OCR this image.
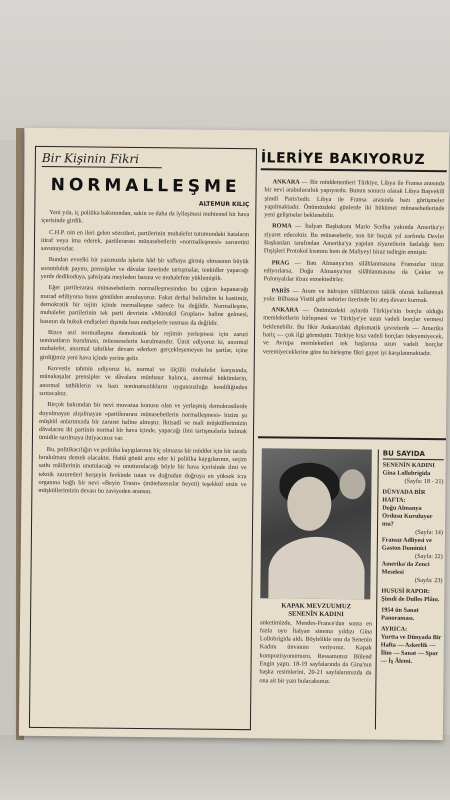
Bir Kişinin Fikri
NORMALLEŞME
ALTEMUR KILIÇ

Yeni yıla, iç politika bakımından, sakin ve daha da iyileşmesi muhtemel bir hava içerisinde girdik.

C.H.P. nin en ileri gelen sözcüleri, partilerinin muhalefet tutumundaki hataların itiraf veya ima ederek, partilerarası münasebetlerin «normalleşmesi» zaruretini savunuyorlar.

Bundan evvelki bir yazımızda işlerin hâd bir safhaya girmiş olmasının büyük sorumluluk payını, prensipler ve dâvalar üzerinde tartışmalar, tenkidler yapacağı yerde dedikoduya, şahsiyata meyleden basına ve muhalefete yüklemiştik.

Eğer partilerarası münasebetlerin normalleşmesinden bu çığırın kapanacağı murad ediliyorsa bunu gönülden arzuluyoruz. Fakat derhal belirtelim ki kastimiz, demokratik bir rejim içinde normalleşme sadece bu değildir. Normalleşme, muhalefet partilerinin tek parti devrinin «Müstakil Grupları» haline gelmesi, basının da hukuk endişeleri dışında bazı endişelerle susması da değildir.

Bizce asıl normalleşme demokratik bir rejimin yerleşmesi için zaruri teminatların kurulması, müesseselerin kurulmasıdır. Ümit ediyoruz ki, anormal muhalefet, anormal tahrikler devam ederken gerçekleşemeyen bu şartlar, içine girdiğimiz yeni hava içinde yerine gelir.

Kuvvetle tahmin ediyoruz ki, normal ve ölçülü muhalefet karşısında, münakaşalar prensipler ve dâvalara münhasır kalınca, anormal hükümlerin, anormal tathiklerin ve bazı teminatsızlıkların uygunsuzluğu kendiliğinden sırıtacaktır.

Birçok bakımdan bir nevi muvazaa konusu olan ve yerleşmiş demokrasilerde duyulmayan alışılmayan «partilerarası münasebetlerin normalleşmesi» bizim şu müşkül anlarımızda bir zaruret haline almıştır. İktisadi ve mali müşküllerimizin dâvalarını iki partinin normal bir hava içinde, yapacağı ilmi tartışmalarla bulmak ümidile sarılmaya ihtiyacımız var.

Bu, politikacılığın ve politika kaygılarının hiç olmazsa bir müddet için bir tarafa bırakılması demek olacaktır. Hattâ gönül arzu eder ki politika kaygılarının, seçim sathı mâillerinin unutulacağı ve unutturulacağı böyle bir hava içerisinde ilmi ve teknik zaruretleri herşeyin fevkinde tutan ve doğrudan doğruya en yüksek icra organına bağlı bir nevi «Beyin Trustı» (mütehassıslar heyeti) teşekkül etsin ve müşküllerimizin devası bu zaviyeden aransın.

İLERİYE BAKIYORUZ

ANKARA — Bir müddettenberi Türkiye, Libya ile Fransa arasında bir nevi arabuluculuk yapıyordu. Bunun sonucu olarak Libya Başvekili şimdi Paris'tedir. Libya ile Fransa arasında bazı görüşmeler yapılmaktadır. Önümüzdeki günlerde iki hükümet münasebetlerinde yeni gelişmeler beklenebilir.

ROMA — İtalyan Başbakanı Mario Scelba yakında Amerika'yı ziyaret edecektir. Bu münasebetle, son bir buçuk yıl zarfında Devlet Başkanları tarafından Amerika'ya yapılan ziyaretlerin fazlalığı hem Dışişleri Protokol kısmını hem de Maliyeyi biraz tedirgin etmiştir.

PRAG — Batı Almanya'nın silâhlanmasına Fransızlar itiraz ediyorlarsa, Doğu Almanya'nın silâhlanmasına da Çekler ve Polonyalılar itiraz etmektedirler.

PARİS — Atom ve hidrojen silâhlarının taktik olarak kullanmak yola: Bilhassa Vistül gibi nehirler üzerinde bir ateş duvarı kurmak.

ANKARA — Önümüzdeki aylarda Türkiye'nin borçlu olduğu memleketlerin birleşmesi ve Türkiye'ye uzun vadeli borçlar vermesi beklenebilir. Bu fikir Ankara'daki diplomatik çevrelerde — Amerika hariç — çok ilgi görmüştür. Türkiye kısa vadeli borçları ödeyemiyecek, ve Avrupa memleketleri tek başlarına uzun vadeli borçlar veremiyeceklerine göre bu birleşme fikri gayet iyi karşılanmaktadır.

KAPAK MEVZUUMUZ
SENENİN KADINI
anketimizde, Mendes-France'dan sonra en fazla oyu İtalyan sinema yıldızı Gina Lollobrigida aldı. Böylelikle onu da Senenin Kadını ünvanını veriyoruz. Kapak kompozisyonumuzu, Ressamımız Bülend Engin yaptı. 18-19 sayfalarında da Gina'nın başka resimlerini, 20-21 sayfalarımızda da ona ait bir yazı bulacaksınız.
BU SAYIDA
SENENİN KADINI
Gina Lollobrigida
(Sayfa: 18 - 21)
DÜNYADA BİR HAFTA:
Doğu Almanya Ordusu Kuruluyor mu?
(Sayfa: 14)
Fransız Adliyesi ve Gaston Dominici
(Sayfa: 22)
Amerika'da Zenci Meselesi
(Sayfa: 23)
HUSUSİ RAPOR:
Şimdi de Dulles Plânı.
1954 ün Sanat Panoraması.
AYRICA:
Yurtta ve Dünyada Bir Hafta — Askerlik — İlim — Sanat — Spor — İş Âlemi.
